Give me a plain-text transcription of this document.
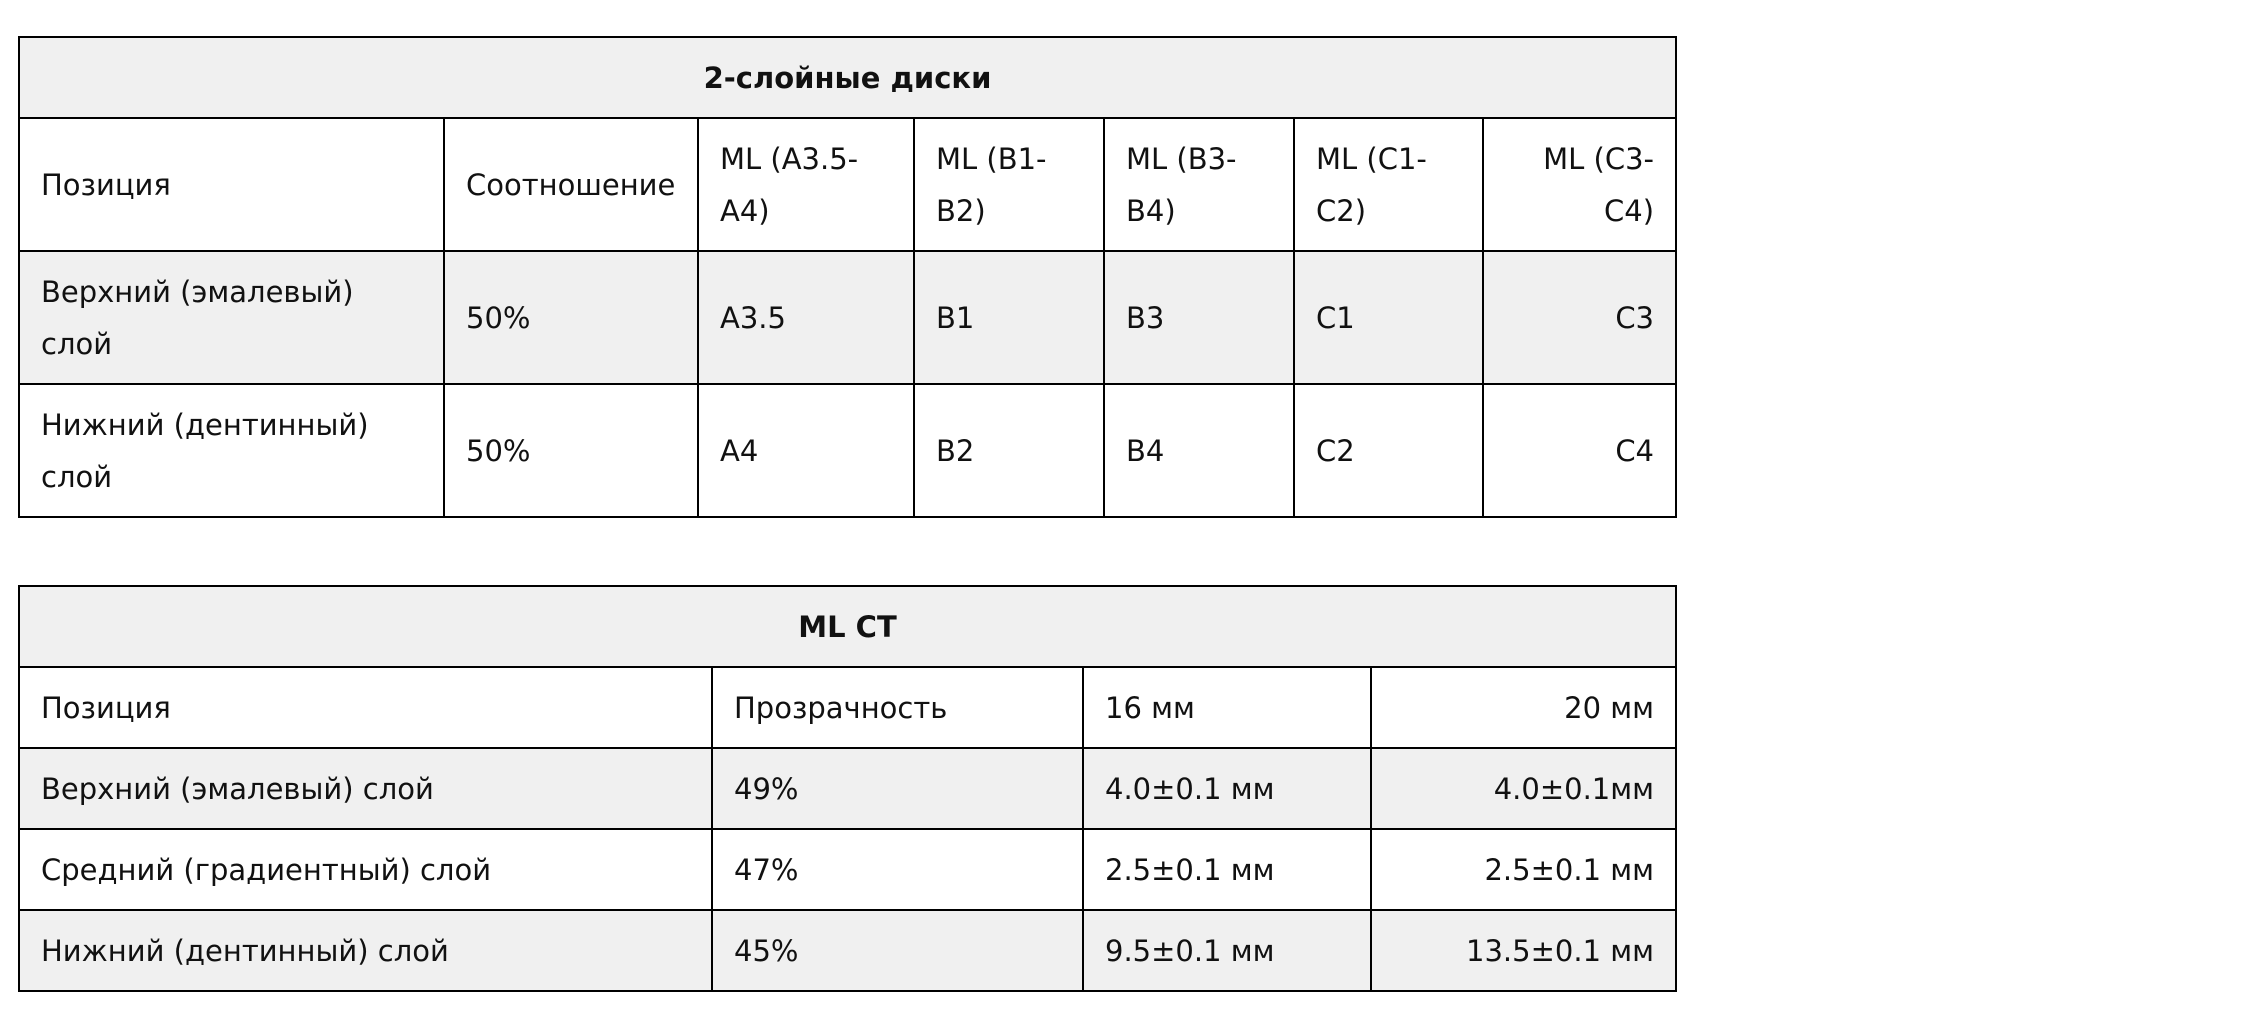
2-слойные диски						
Позиция	Соотношение	ML (A3.5-A4)	ML (B1-B2)	ML (B3-B4)	ML (C1-C2)	ML (C3-C4)
Верхний (эмалевый) слой	50%	A3.5	B1	B3	C1	C3
Нижний (дентинный) слой	50%	A4	B2	B4	C2	C4
ML CT			
Позиция	Прозрачность	16 мм	20 мм
Верхний (эмалевый) слой	49%	4.0±0.1 мм	4.0±0.1мм
Средний (градиентный) слой	47%	2.5±0.1 мм	2.5±0.1 мм
Нижний (дентинный) слой	45%	9.5±0.1 мм	13.5±0.1 мм
